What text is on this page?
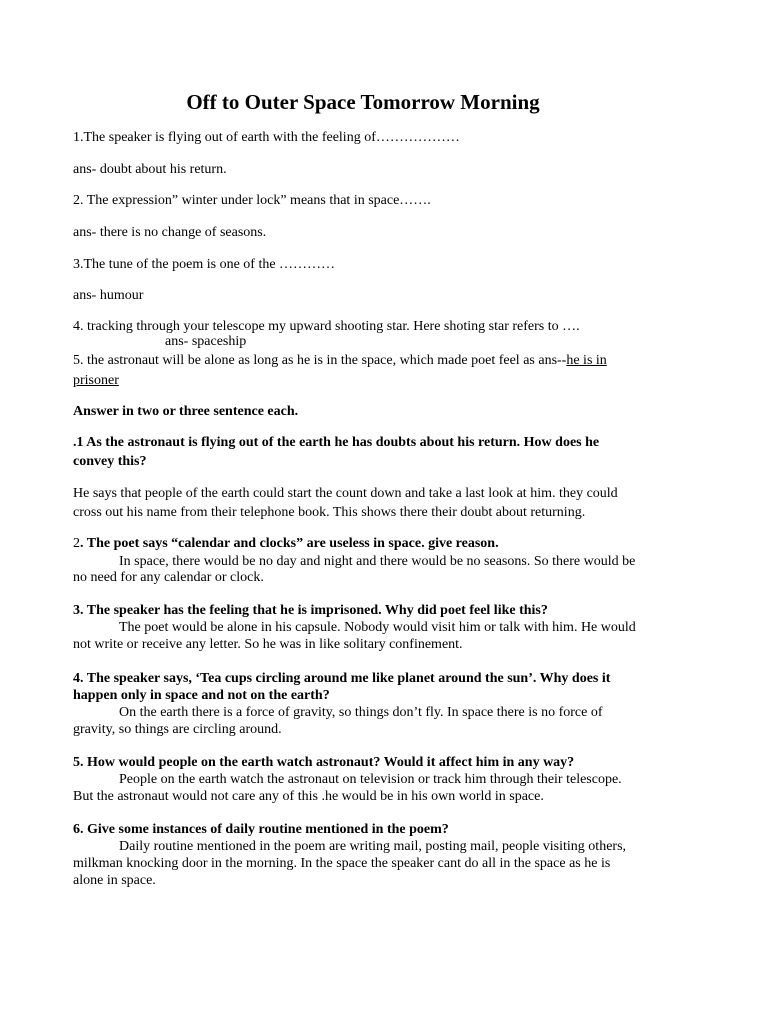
Off to Outer Space Tomorrow Morning

1.The speaker is flying out of earth with the feeling of………………

ans- doubt about his return.

2. The expression” winter under lock” means that in space…….

ans- there is no change of seasons.

3.The tune of the poem is one of the …………

ans- humour

4. tracking through your telescope my upward shooting star. Here shoting star refers to ….

ans- spaceship

5. the astronaut will be alone as long as he is in the space, which made poet feel as ans--he is in

prisoner

Answer in two or three sentence each.

.1 As the astronaut is flying out of the earth he has doubts about his return. How does he

convey this?

He says that people of the earth could start the count down and take a last look at him. they could

cross out his name from their telephone book. This shows there their doubt about returning.

2. The poet says “calendar and clocks” are useless in space. give reason.

In space, there would be no day and night and there would be no seasons. So there would be

no need for any calendar or clock.

3. The speaker has the feeling that he is imprisoned. Why did poet feel like this?

The poet would be alone in his capsule. Nobody would visit him or talk with him. He would

not write or receive any letter. So he was in like solitary confinement.

4. The speaker says, ‘Tea cups circling around me like planet around the sun’. Why does it

happen only in space and not on the earth?

On the earth there is a force of gravity, so things don’t fly. In space there is no force of

gravity, so things are circling around.

5. How would people on the earth watch astronaut? Would it affect him in any way?

People on the earth watch the astronaut on television or track him through their telescope.

But the astronaut would not care any of this .he would be in his own world in space.

6. Give some instances of daily routine mentioned in the poem?

Daily routine mentioned in the poem are writing mail, posting mail, people visiting others,

milkman knocking door in the morning. In the space the speaker cant do all in the space as he is

alone in space.
